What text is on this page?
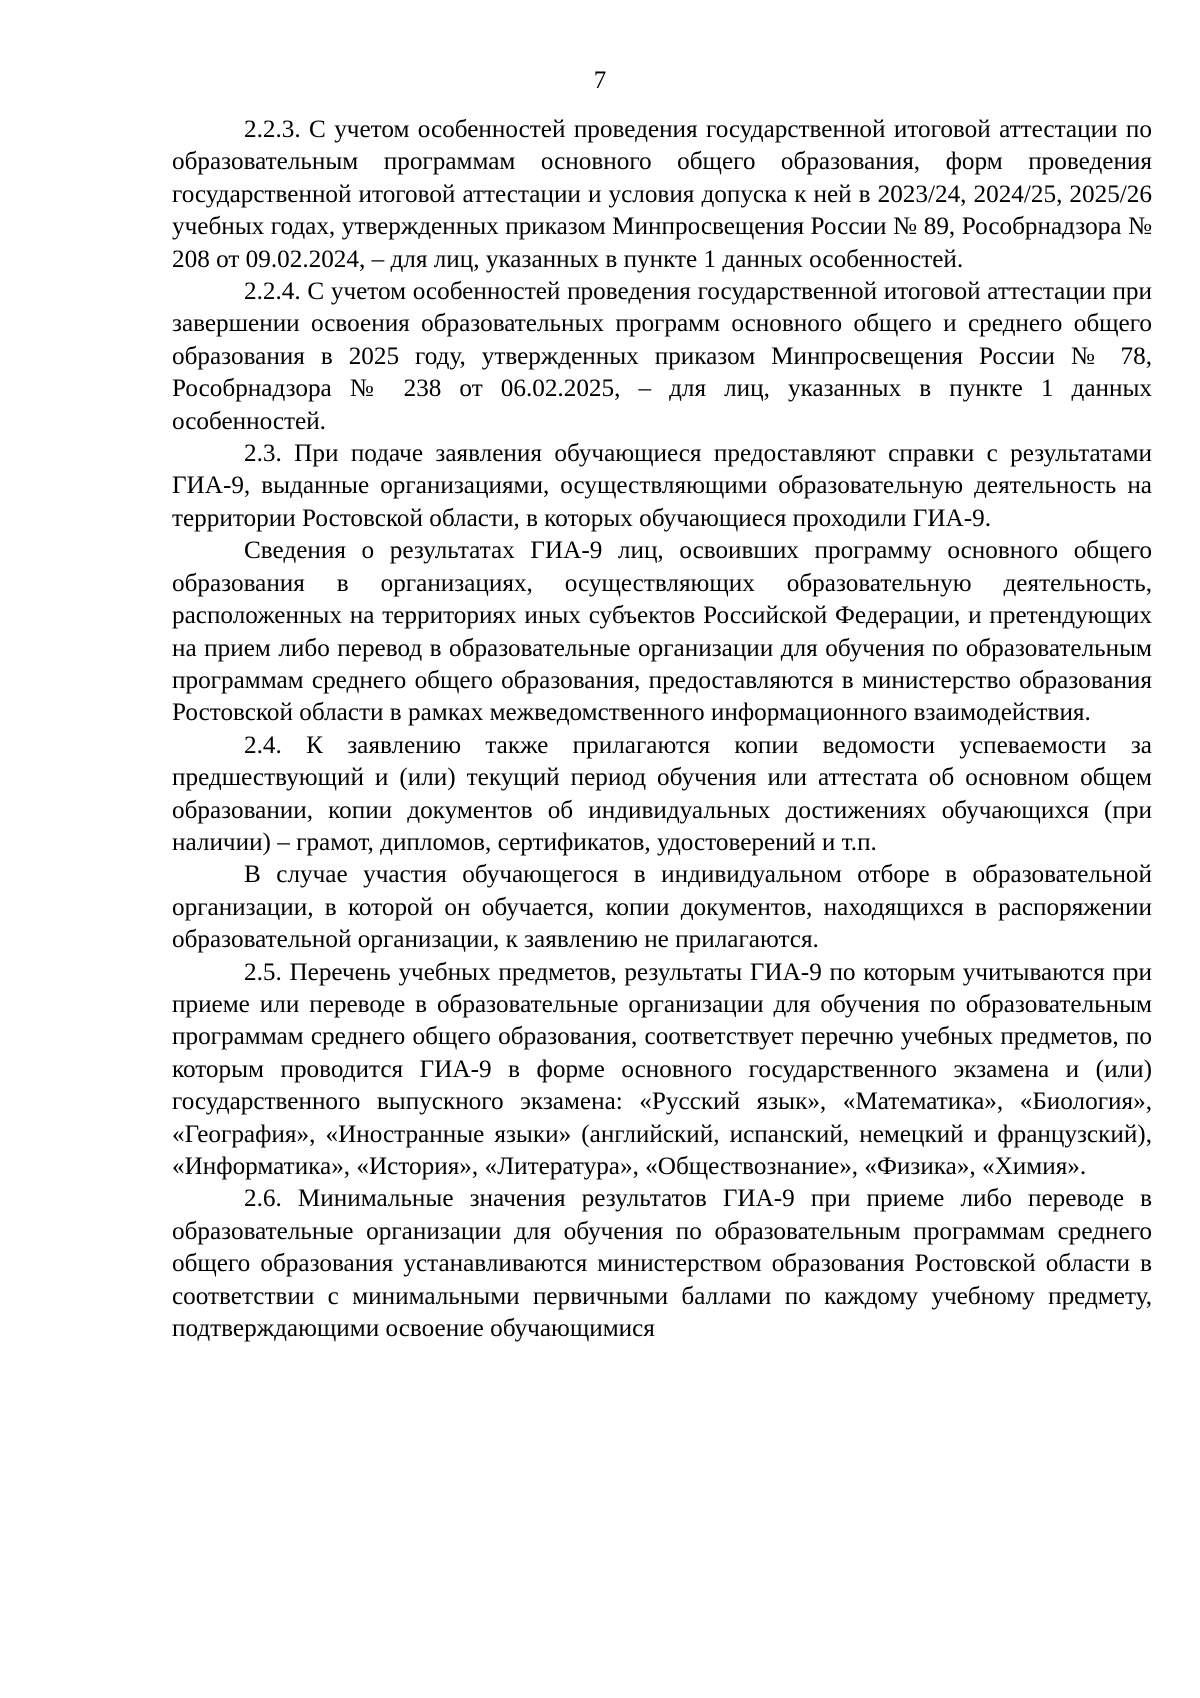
7

2.2.3. С учетом особенностей проведения государственной итоговой аттестации по образовательным программам основного общего образования, форм проведения государственной итоговой аттестации и условия допуска к ней в 2023/24, 2024/25, 2025/26 учебных годах, утвержденных приказом Минпросвещения России № 89, Рособрнадзора № 208 от 09.02.2024, – для лиц, указанных в пункте 1 данных особенностей.

2.2.4. С учетом особенностей проведения государственной итоговой аттестации при завершении освоения образовательных программ основного общего и среднего общего образования в 2025 году, утвержденных приказом Минпросвещения России № 78, Рособрнадзора № 238 от 06.02.2025, – для лиц, указанных в пункте 1 данных особенностей.

2.3. При подаче заявления обучающиеся предоставляют справки с результатами ГИА-9, выданные организациями, осуществляющими образовательную деятельность на территории Ростовской области, в которых обучающиеся проходили ГИА-9.

Сведения о результатах ГИА-9 лиц, освоивших программу основного общего образования в организациях, осуществляющих образовательную деятельность, расположенных на территориях иных субъектов Российской Федерации, и претендующих на прием либо перевод в образовательные организации для обучения по образовательным программам среднего общего образования, предоставляются в министерство образования Ростовской области в рамках межведомственного информационного взаимодействия.

2.4. К заявлению также прилагаются копии ведомости успеваемости за предшествующий и (или) текущий период обучения или аттестата об основном общем образовании, копии документов об индивидуальных достижениях обучающихся (при наличии) – грамот, дипломов, сертификатов, удостоверений и т.п.

В случае участия обучающегося в индивидуальном отборе в образовательной организации, в которой он обучается, копии документов, находящихся в распоряжении образовательной организации, к заявлению не прилагаются.

2.5. Перечень учебных предметов, результаты ГИА-9 по которым учитываются при приеме или переводе в образовательные организации для обучения по образовательным программам среднего общего образования, соответствует перечню учебных предметов, по которым проводится ГИА-9 в форме основного государственного экзамена и (или) государственного выпускного экзамена: «Русский язык», «Математика», «Биология», «География», «Иностранные языки» (английский, испанский, немецкий и французский), «Информатика», «История», «Литература», «Обществознание», «Физика», «Химия».

2.6. Минимальные значения результатов ГИА-9 при приеме либо переводе в образовательные организации для обучения по образовательным программам среднего общего образования устанавливаются министерством образования Ростовской области в соответствии с минимальными первичными баллами по каждому учебному предмету, подтверждающими освоение обучающимися
